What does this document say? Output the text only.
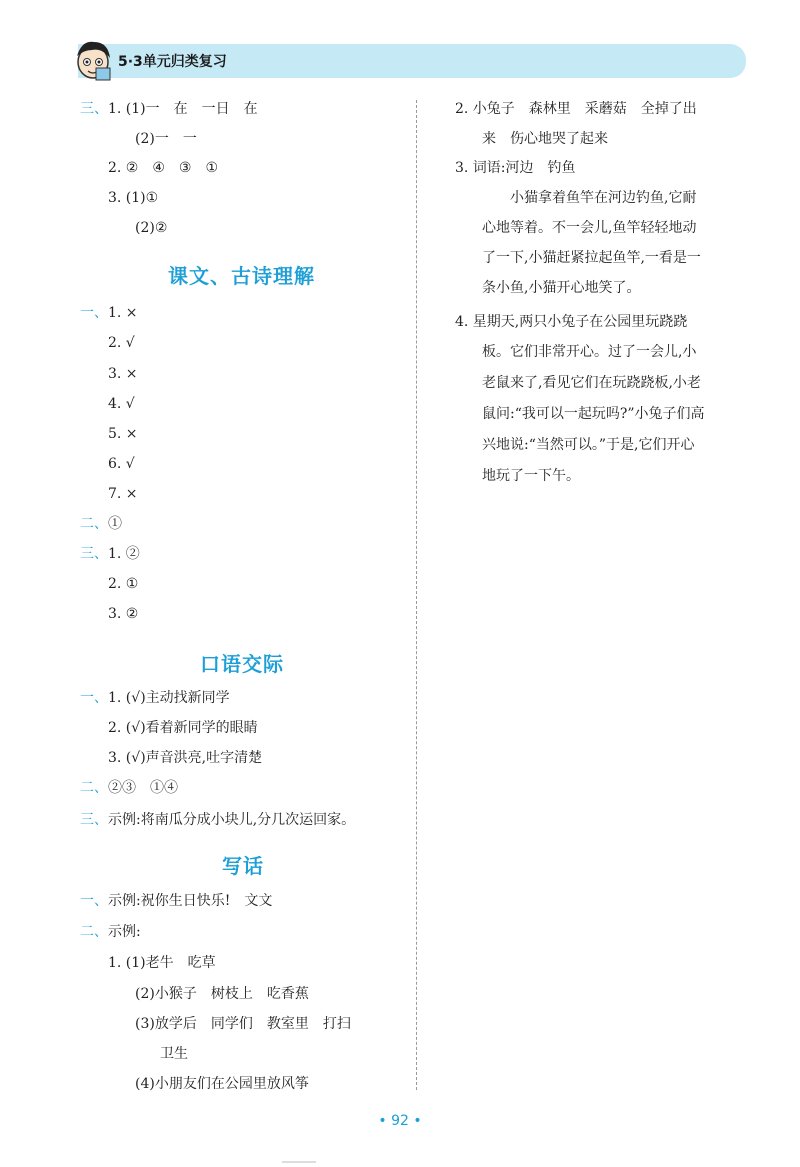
5·3单元归类复习
三、1. (1)一　在　一日　在
(2)一　一
2. ②　④　③　①
3. (1)①
(2)②
课文、古诗理解
一、1. ×
2. √
3. ×
4. √
5. ×
6. √
7. ×
二、①
三、1. ②
2. ①
3. ②
口语交际
一、1. (√)主动找新同学
2. (√)看着新同学的眼睛
3. (√)声音洪亮,吐字清楚
二、②③　①④
三、示例:将南瓜分成小块儿,分几次运回家。
写话
一、示例:祝你生日快乐!　文文
二、示例:
1. (1)老牛　吃草
(2)小猴子　树枝上　吃香蕉
(3)放学后　同学们　教室里　打扫
卫生
(4)小朋友们在公园里放风筝
2. 小兔子　森林里　采蘑菇　全掉了出
来　伤心地哭了起来
3. 词语:河边　钓鱼
小猫拿着鱼竿在河边钓鱼,它耐
心地等着。不一会儿,鱼竿轻轻地动
了一下,小猫赶紧拉起鱼竿,一看是一
条小鱼,小猫开心地笑了。
4. 星期天,两只小兔子在公园里玩跷跷
板。它们非常开心。过了一会儿,小
老鼠来了,看见它们在玩跷跷板,小老
鼠问:“我可以一起玩吗?”小兔子们高
兴地说:“当然可以。”于是,它们开心
地玩了一下午。
• 92 •
